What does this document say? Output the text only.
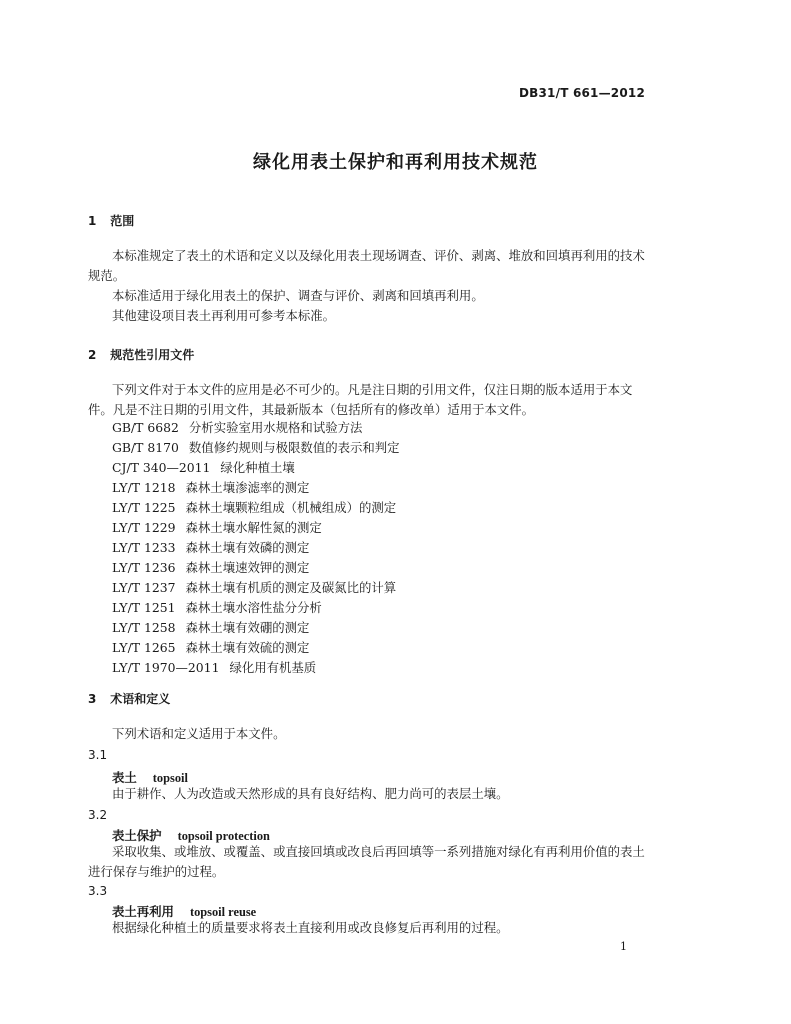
DB31/T 661—2012
绿化用表土保护和再利用技术规范
1 范围
本标准规定了表土的术语和定义以及绿化用表土现场调查、评价、剥离、堆放和回填再利用的技术规范。
本标准适用于绿化用表土的保护、调查与评价、剥离和回填再利用。
其他建设项目表土再利用可参考本标准。
2 规范性引用文件
下列文件对于本文件的应用是必不可少的。凡是注日期的引用文件，仅注日期的版本适用于本文件。凡是不注日期的引用文件，其最新版本（包括所有的修改单）适用于本文件。
GB/T 6682 分析实验室用水规格和试验方法
GB/T 8170 数值修约规则与极限数值的表示和判定
CJ/T 340—2011 绿化种植土壤
LY/T 1218 森林土壤渗滤率的测定
LY/T 1225 森林土壤颗粒组成（机械组成）的测定
LY/T 1229 森林土壤水解性氮的测定
LY/T 1233 森林土壤有效磷的测定
LY/T 1236 森林土壤速效钾的测定
LY/T 1237 森林土壤有机质的测定及碳氮比的计算
LY/T 1251 森林土壤水溶性盐分分析
LY/T 1258 森林土壤有效硼的测定
LY/T 1265 森林土壤有效硫的测定
LY/T 1970—2011 绿化用有机基质
3 术语和定义
下列术语和定义适用于本文件。
3.1
表土 topsoil
由于耕作、人为改造或天然形成的具有良好结构、肥力尚可的表层土壤。
3.2
表土保护 topsoil protection
采取收集、或堆放、或覆盖、或直接回填或改良后再回填等一系列措施对绿化有再利用价值的表土进行保存与维护的过程。
3.3
表土再利用 topsoil reuse
根据绿化种植土的质量要求将表土直接利用或改良修复后再利用的过程。
1
